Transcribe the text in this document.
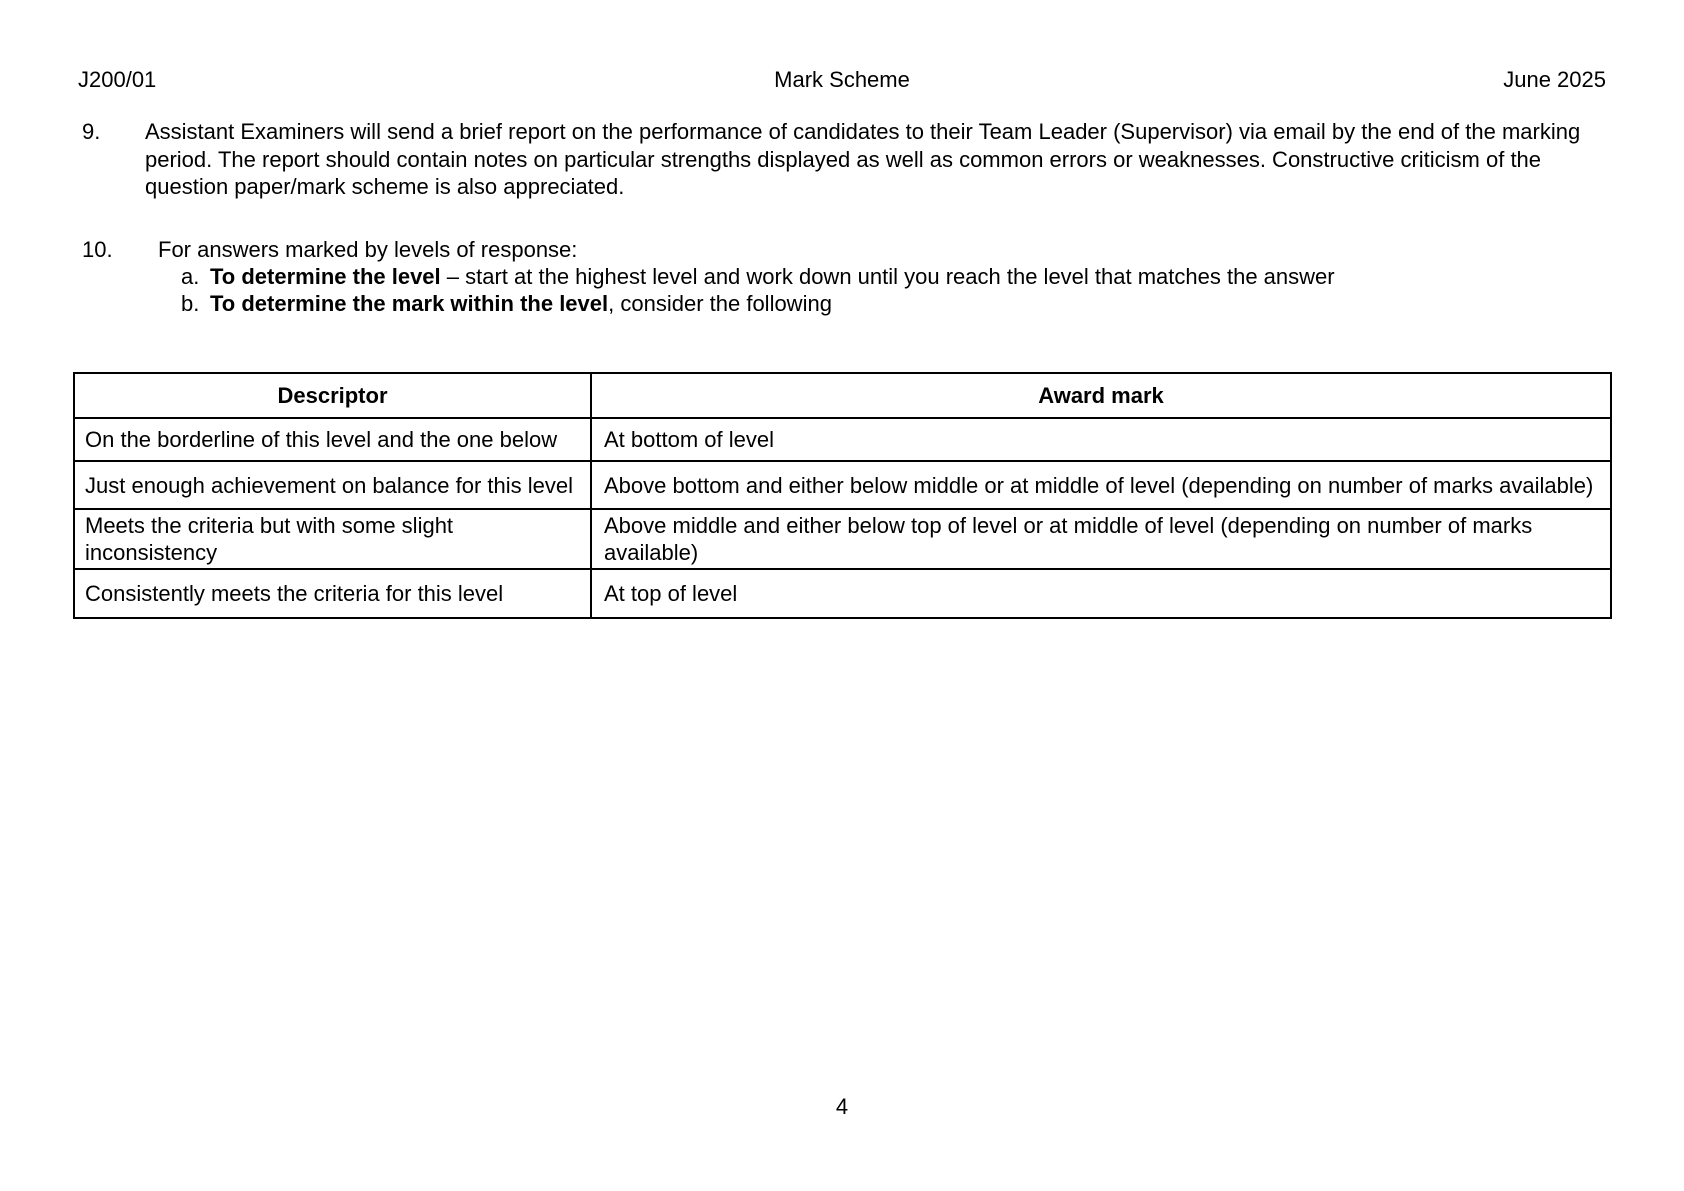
J200/01	Mark Scheme	June 2025
9.	Assistant Examiners will send a brief report on the performance of candidates to their Team Leader (Supervisor) via email by the end of the marking period. The report should contain notes on particular strengths displayed as well as common errors or weaknesses. Constructive criticism of the question paper/mark scheme is also appreciated.
10.	For answers marked by levels of response:
a. To determine the level – start at the highest level and work down until you reach the level that matches the answer
b. To determine the mark within the level, consider the following
Descriptor	Award mark
On the borderline of this level and the one below	At bottom of level
Just enough achievement on balance for this level	Above bottom and either below middle or at middle of level (depending on number of marks available)
Meets the criteria but with some slight inconsistency	Above middle and either below top of level or at middle of level (depending on number of marks available)
Consistently meets the criteria for this level	At top of level
4
